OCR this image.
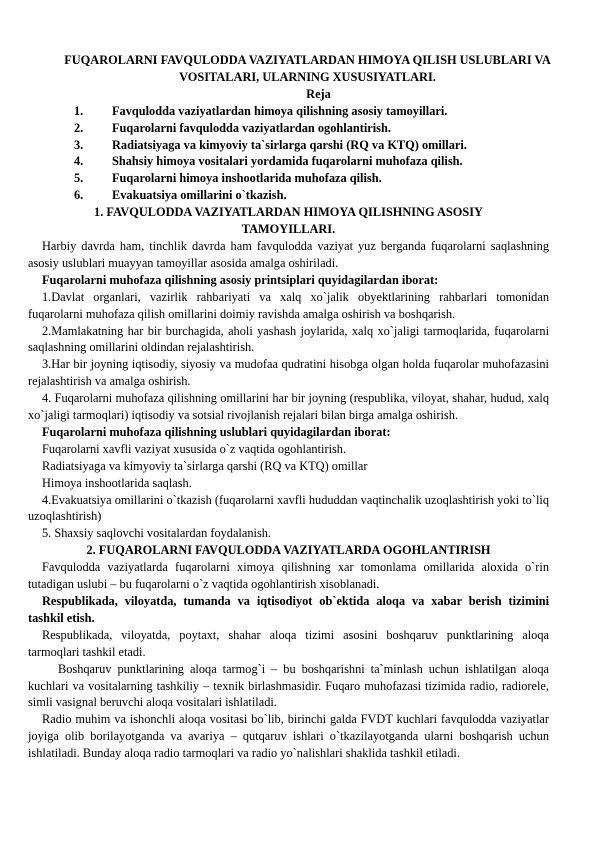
FUQAROLARNI FAVQULODDA VAZIYATLARDAN HIMOYA QILISH USLUBLARI VA VOSITALARI, ULARNING XUSUSIYATLARI.

Reja

1.	Favqulodda vaziyatlardan himoya qilishning asosiy tamoyillari.
2.	Fuqarolarni favqulodda vaziyatlardan ogohlantirish.
3.	Radiatsiyaga va kimyoviy ta`sirlarga qarshi (RQ va KTQ) omillari.
4.	Shahsiy himoya vositalari yordamida fuqarolarni muhofaza qilish.
5.	Fuqarolarni himoya inshootlarida muhofaza qilish.
6.	Evakuatsiya omillarini o`tkazish.

1. FAVQULODDA VAZIYATLARDAN HIMOYA QILISHNING ASOSIY TAMOYILLARI.

Harbiy davrda ham, tinchlik davrda ham favqulodda vaziyat yuz berganda fuqarolarni saqlashning asosiy uslublari muayyan tamoyillar asosida amalga oshiriladi.

Fuqarolarni muhofaza qilishning asosiy printsiplari quyidagilardan iborat:

1.Davlat organlari, vazirlik rahbariyati va xalq xo`jalik obyektlarining rahbarlari tomonidan fuqarolarni muhofaza qilish omillarini doimiy ravishda amalga oshirish va boshqarish.

2.Mamlakatning har bir burchagida, aholi yashash joylarida, xalq xo`jaligi tarmoqlarida, fuqarolarni saqlashning omillarini oldindan rejalashtirish.

3.Har bir joyning iqtisodiy, siyosiy va mudofaa qudratini hisobga olgan holda fuqarolar muhofazasini rejalashtirish va amalga oshirish.

4. Fuqarolarni muhofaza qilishning omillarini har bir joyning (respublika, viloyat, shahar, hudud, xalq xo`jaligi tarmoqlari) iqtisodiy va sotsial rivojlanish rejalari bilan birga amalga oshirish.

Fuqarolarni muhofaza qilishning uslublari quyidagilardan iborat:

Fuqarolarni xavfli vaziyat xususida o`z vaqtida ogohlantirish.

Radiatsiyaga va kimyoviy ta`sirlarga qarshi (RQ va KTQ) omillar

Himoya inshootlarida saqlash.

4.Evakuatsiya omillarini o`tkazish (fuqarolarni xavfli hududdan vaqtinchalik uzoqlashtirish yoki to`liq uzoqlashtirish)

5. Shaxsiy saqlovchi vositalardan foydalanish.

2. FUQAROLARNI FAVQULODDA VAZIYATLARDA OGOHLANTIRISH

Favqulodda vaziyatlarda fuqarolarni ximoya qilishning xar tomonlama omillarida aloxida o`rin tutadigan uslubi – bu fuqarolarni o`z vaqtida ogohlantirish xisoblanadi.

Respublikada, viloyatda, tumanda va iqtisodiyot ob`ektida aloqa va xabar berish tizimini tashkil etish.

Respublikada, viloyatda, poytaxt, shahar aloqa tizimi asosini boshqaruv punktlarining aloqa tarmoqlari tashkil etadi.

Boshqaruv punktlarining aloqa tarmog`i – bu boshqarishni ta`minlash uchun ishlatilgan aloqa kuchlari va vositalarning tashkiliy – texnik birlashmasidir. Fuqaro muhofazasi tizimida radio, radiorele, simli vasignal beruvchi aloqa vositalari ishlatiladi.

Radio muhim va ishonchli aloqa vositasi bo`lib, birinchi galda FVDT kuchlari favqulodda vaziyatlar joyiga olib borilayotganda va avariya – qutqaruv ishlari o`tkazilayotganda ularni boshqarish uchun ishlatiladi. Bunday aloqa radio tarmoqlari va radio yo`nalishlari shaklida tashkil etiladi.
